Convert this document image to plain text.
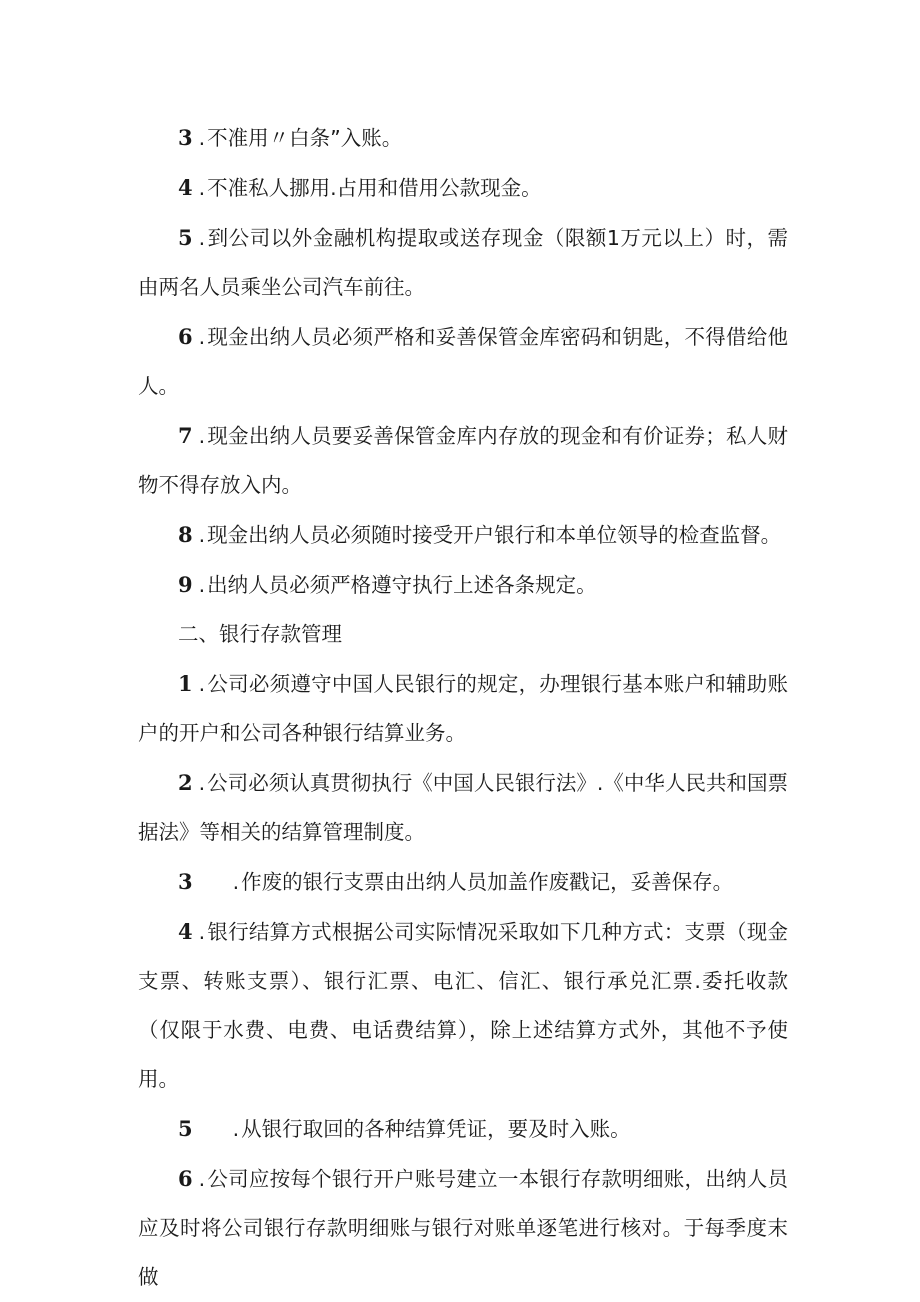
3 .不准用〃白条”入账。

4 .不准私人挪用.占用和借用公款现金。

5 .到公司以外金融机构提取或送存现金（限额1万元以上）时，需由两名人员乘坐公司汽车前往。

6 .现金出纳人员必须严格和妥善保管金库密码和钥匙，不得借给他人。

7 .现金出纳人员要妥善保管金库内存放的现金和有价证券；私人财物不得存放入内。

8 .现金出纳人员必须随时接受开户银行和本单位领导的检查监督。

9 .出纳人员必须严格遵守执行上述各条规定。

二、银行存款管理

1 .公司必须遵守中国人民银行的规定，办理银行基本账户和辅助账户的开户和公司各种银行结算业务。

2 .公司必须认真贯彻执行《中国人民银行法》.《中华人民共和国票据法》等相关的结算管理制度。

3 .作废的银行支票由出纳人员加盖作废戳记，妥善保存。

4 .银行结算方式根据公司实际情况采取如下几种方式：支票（现金支票、转账支票）、银行汇票、电汇、信汇、银行承兑汇票.委托收款（仅限于水费、电费、电话费结算），除上述结算方式外，其他不予使用。

5 .从银行取回的各种结算凭证，要及时入账。

6 .公司应按每个银行开户账号建立一本银行存款明细账，出纳人员应及时将公司银行存款明细账与银行对账单逐笔进行核对。于每季度末做
